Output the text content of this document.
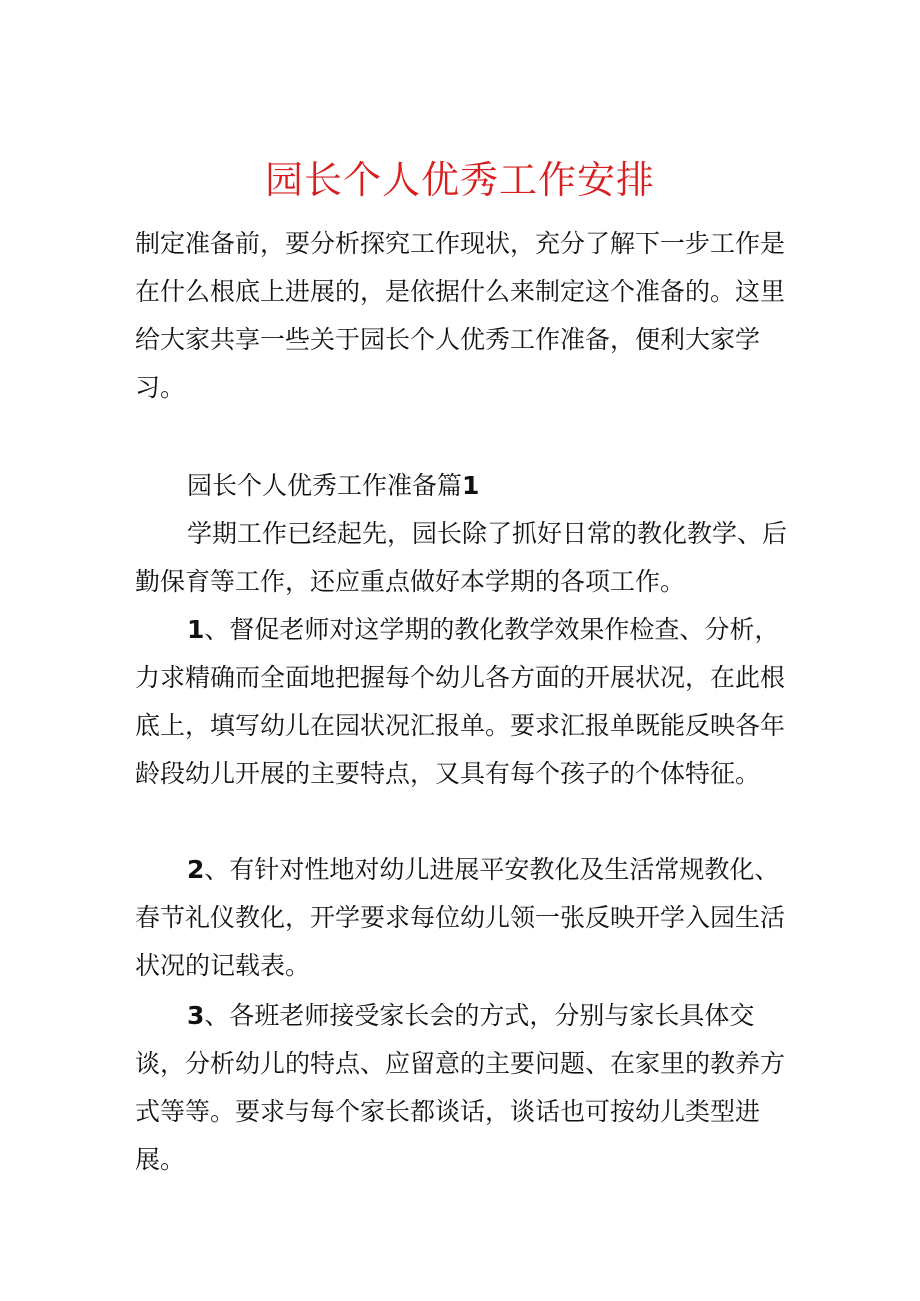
园长个人优秀工作安排

制定准备前，要分析探究工作现状，充分了解下一步工作是在什么根底上进展的，是依据什么来制定这个准备的。这里给大家共享一些关于园长个人优秀工作准备，便利大家学习。

园长个人优秀工作准备篇1

学期工作已经起先，园长除了抓好日常的教化教学、后勤保育等工作，还应重点做好本学期的各项工作。

1、督促老师对这学期的教化教学效果作检查、分析，力求精确而全面地把握每个幼儿各方面的开展状况，在此根底上，填写幼儿在园状况汇报单。要求汇报单既能反映各年龄段幼儿开展的主要特点，又具有每个孩子的个体特征。

2、有针对性地对幼儿进展平安教化及生活常规教化、春节礼仪教化，开学要求每位幼儿领一张反映开学入园生活状况的记载表。

3、各班老师接受家长会的方式，分别与家长具体交谈，分析幼儿的特点、应留意的主要问题、在家里的教养方式等等。要求与每个家长都谈话，谈话也可按幼儿类型进展。
